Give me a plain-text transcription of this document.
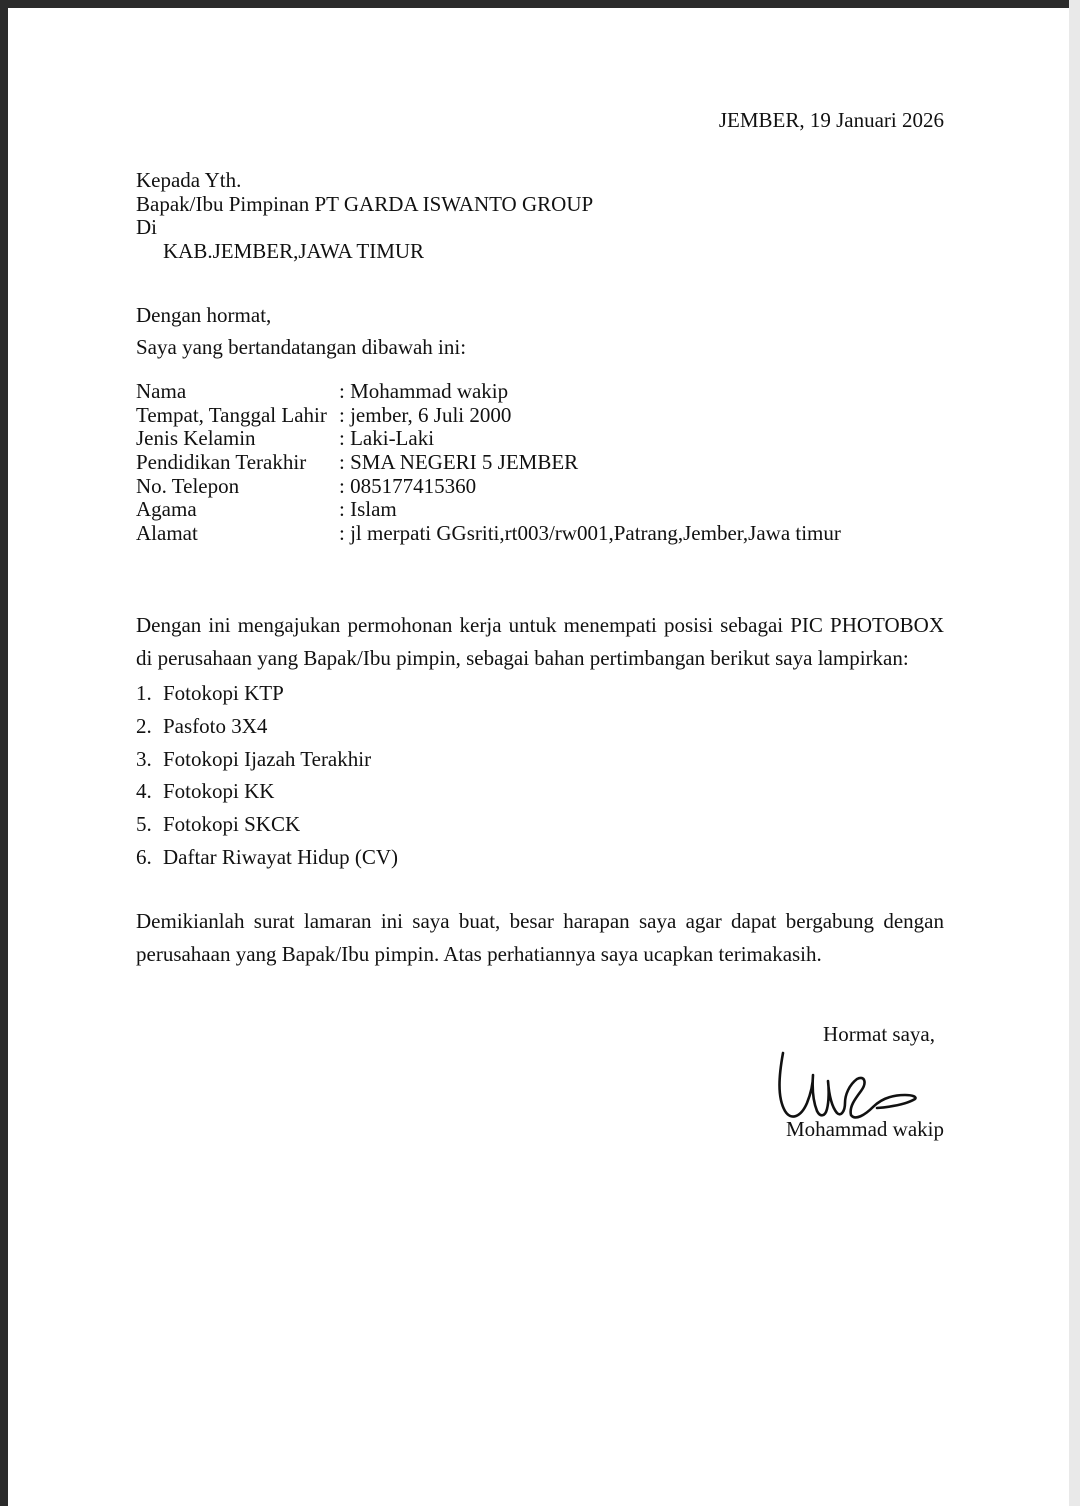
JEMBER, 19 Januari 2026
Kepada Yth.
Bapak/Ibu Pimpinan PT GARDA ISWANTO GROUP
Di
KAB.JEMBER,JAWA TIMUR
Dengan hormat,
Saya yang bertandatangan dibawah ini:
Nama	: Mohammad wakip
Tempat, Tanggal Lahir : jember, 6 Juli 2000
Jenis Kelamin	: Laki-Laki
Pendidikan Terakhir	: SMA NEGERI 5 JEMBER
No. Telepon	: 085177415360
Agama	: Islam
Alamat	: jl merpati GGsriti,rt003/rw001,Patrang,Jember,Jawa timur

Dengan ini mengajukan permohonan kerja untuk menempati posisi sebagai PIC PHOTOBOX di perusahaan yang Bapak/Ibu pimpin, sebagai bahan pertimbangan berikut saya lampirkan:

1. Fotokopi KTP
2. Pasfoto 3X4
3. Fotokopi Ijazah Terakhir
4. Fotokopi KK
5. Fotokopi SKCK
6. Daftar Riwayat Hidup (CV)

Demikianlah surat lamaran ini saya buat, besar harapan saya agar dapat bergabung dengan perusahaan yang Bapak/Ibu pimpin. Atas perhatiannya saya ucapkan terimakasih.

Hormat saya,
Mohammad wakip
